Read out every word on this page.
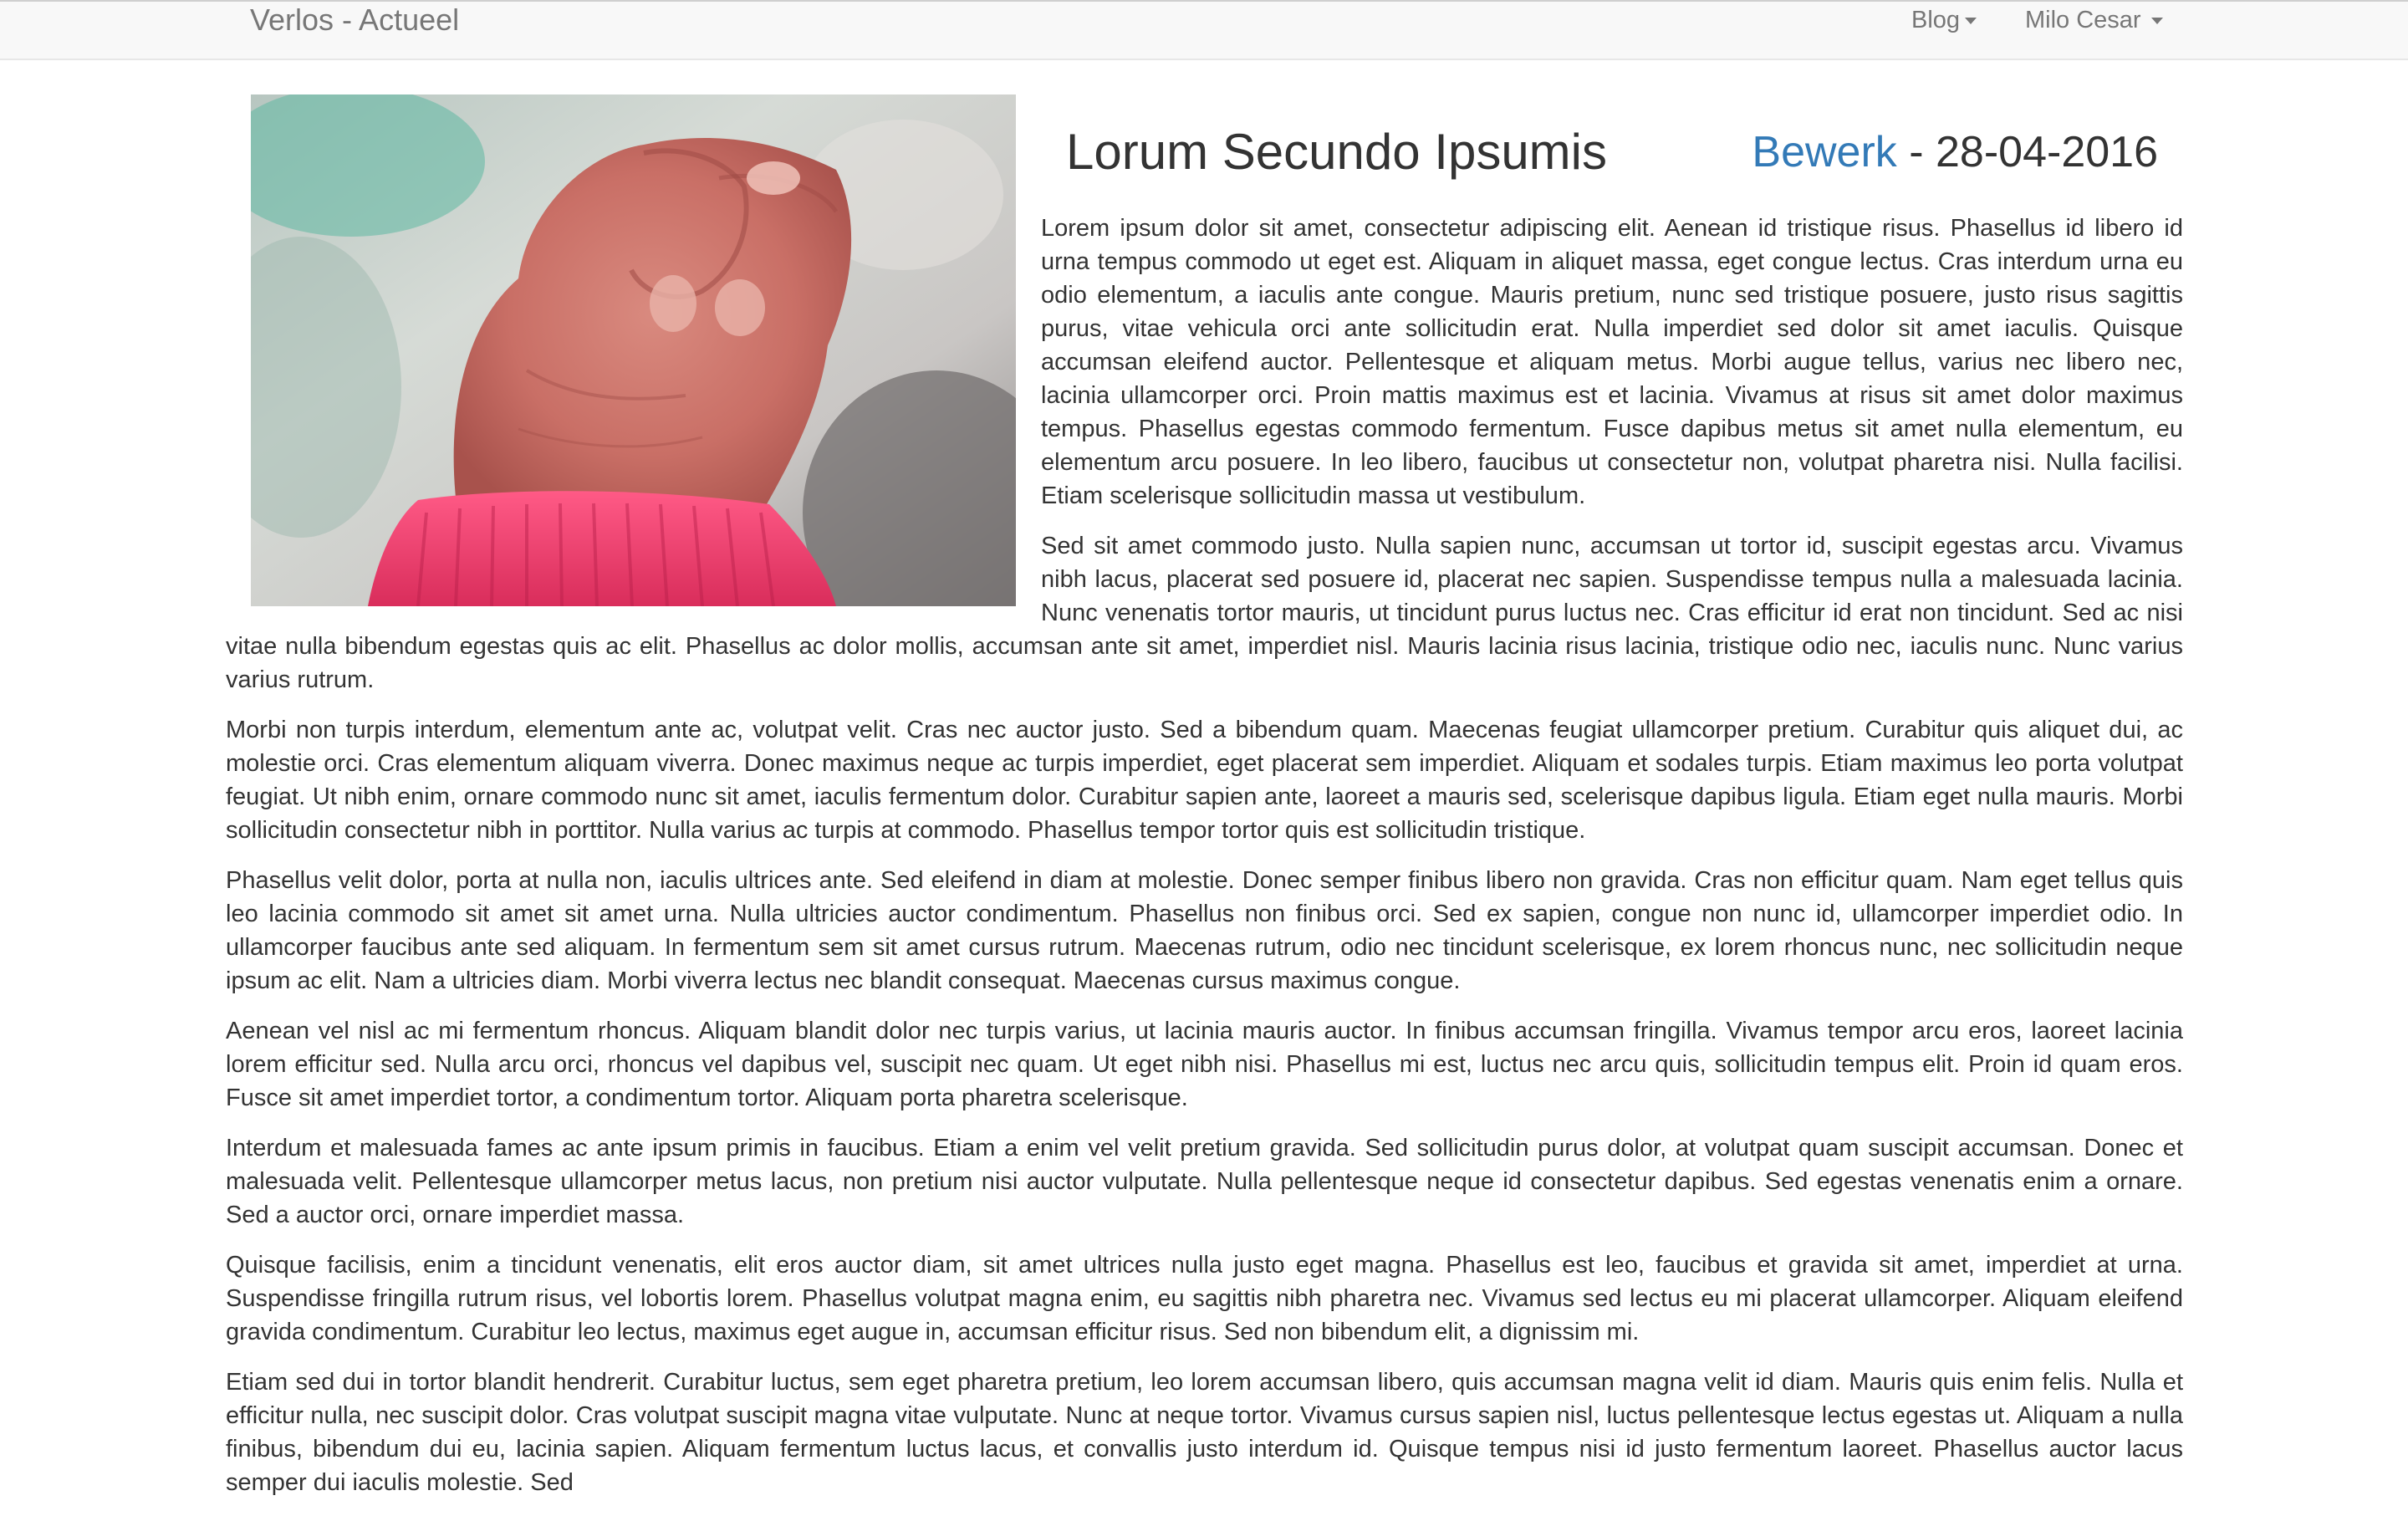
Verlos - Actueel	Blog	Milo Cesar
Lorum Secundo Ipsumis	Bewerk - 28-04-2016

Lorem ipsum dolor sit amet, consectetur adipiscing elit. Aenean id tristique risus. Phasellus id libero id urna tempus commodo ut eget est. Aliquam in aliquet massa, eget congue lectus. Cras interdum urna eu odio elementum, a iaculis ante congue. Mauris pretium, nunc sed tristique posuere, justo risus sagittis purus, vitae vehicula orci ante sollicitudin erat. Nulla imperdiet sed dolor sit amet iaculis. Quisque accumsan eleifend auctor. Pellentesque et aliquam metus. Morbi augue tellus, varius nec libero nec, lacinia ullamcorper orci. Proin mattis maximus est et lacinia. Vivamus at risus sit amet dolor maximus tempus. Phasellus egestas commodo fermentum. Fusce dapibus metus sit amet nulla elementum, eu elementum arcu posuere. In leo libero, faucibus ut consectetur non, volutpat pharetra nisi. Nulla facilisi. Etiam scelerisque sollicitudin massa ut vestibulum.

Sed sit amet commodo justo. Nulla sapien nunc, accumsan ut tortor id, suscipit egestas arcu. Vivamus nibh lacus, placerat sed posuere id, placerat nec sapien. Suspendisse tempus nulla a malesuada lacinia. Nunc venenatis tortor mauris, ut tincidunt purus luctus nec. Cras efficitur id erat non tincidunt. Sed ac nisi vitae nulla bibendum egestas quis ac elit. Phasellus ac dolor mollis, accumsan ante sit amet, imperdiet nisl. Mauris lacinia risus lacinia, tristique odio nec, iaculis nunc. Nunc varius varius rutrum.

Morbi non turpis interdum, elementum ante ac, volutpat velit. Cras nec auctor justo. Sed a bibendum quam. Maecenas feugiat ullamcorper pretium. Curabitur quis aliquet dui, ac molestie orci. Cras elementum aliquam viverra. Donec maximus neque ac turpis imperdiet, eget placerat sem imperdiet. Aliquam et sodales turpis. Etiam maximus leo porta volutpat feugiat. Ut nibh enim, ornare commodo nunc sit amet, iaculis fermentum dolor. Curabitur sapien ante, laoreet a mauris sed, scelerisque dapibus ligula. Etiam eget nulla mauris. Morbi sollicitudin consectetur nibh in porttitor. Nulla varius ac turpis at commodo. Phasellus tempor tortor quis est sollicitudin tristique.

Phasellus velit dolor, porta at nulla non, iaculis ultrices ante. Sed eleifend in diam at molestie. Donec semper finibus libero non gravida. Cras non efficitur quam. Nam eget tellus quis leo lacinia commodo sit amet sit amet urna. Nulla ultricies auctor condimentum. Phasellus non finibus orci. Sed ex sapien, congue non nunc id, ullamcorper imperdiet odio. In ullamcorper faucibus ante sed aliquam. In fermentum sem sit amet cursus rutrum. Maecenas rutrum, odio nec tincidunt scelerisque, ex lorem rhoncus nunc, nec sollicitudin neque ipsum ac elit. Nam a ultricies diam. Morbi viverra lectus nec blandit consequat. Maecenas cursus maximus congue.

Aenean vel nisl ac mi fermentum rhoncus. Aliquam blandit dolor nec turpis varius, ut lacinia mauris auctor. In finibus accumsan fringilla. Vivamus tempor arcu eros, laoreet lacinia lorem efficitur sed. Nulla arcu orci, rhoncus vel dapibus vel, suscipit nec quam. Ut eget nibh nisi. Phasellus mi est, luctus nec arcu quis, sollicitudin tempus elit. Proin id quam eros. Fusce sit amet imperdiet tortor, a condimentum tortor. Aliquam porta pharetra scelerisque.

Interdum et malesuada fames ac ante ipsum primis in faucibus. Etiam a enim vel velit pretium gravida. Sed sollicitudin purus dolor, at volutpat quam suscipit accumsan. Donec et malesuada velit. Pellentesque ullamcorper metus lacus, non pretium nisi auctor vulputate. Nulla pellentesque neque id consectetur dapibus. Sed egestas venenatis enim a ornare. Sed a auctor orci, ornare imperdiet massa.

Quisque facilisis, enim a tincidunt venenatis, elit eros auctor diam, sit amet ultrices nulla justo eget magna. Phasellus est leo, faucibus et gravida sit amet, imperdiet at urna. Suspendisse fringilla rutrum risus, vel lobortis lorem. Phasellus volutpat magna enim, eu sagittis nibh pharetra nec. Vivamus sed lectus eu mi placerat ullamcorper. Aliquam eleifend gravida condimentum. Curabitur leo lectus, maximus eget augue in, accumsan efficitur risus. Sed non bibendum elit, a dignissim mi.

Etiam sed dui in tortor blandit hendrerit. Curabitur luctus, sem eget pharetra pretium, leo lorem accumsan libero, quis accumsan magna velit id diam. Mauris quis enim felis. Nulla et efficitur nulla, nec suscipit dolor. Cras volutpat suscipit magna vitae vulputate. Nunc at neque tortor. Vivamus cursus sapien nisl, luctus pellentesque lectus egestas ut. Aliquam a nulla finibus, bibendum dui eu, lacinia sapien. Aliquam fermentum luctus lacus, et convallis justo interdum id. Quisque tempus nisi id justo fermentum laoreet. Phasellus auctor lacus semper dui iaculis molestie. Sed
